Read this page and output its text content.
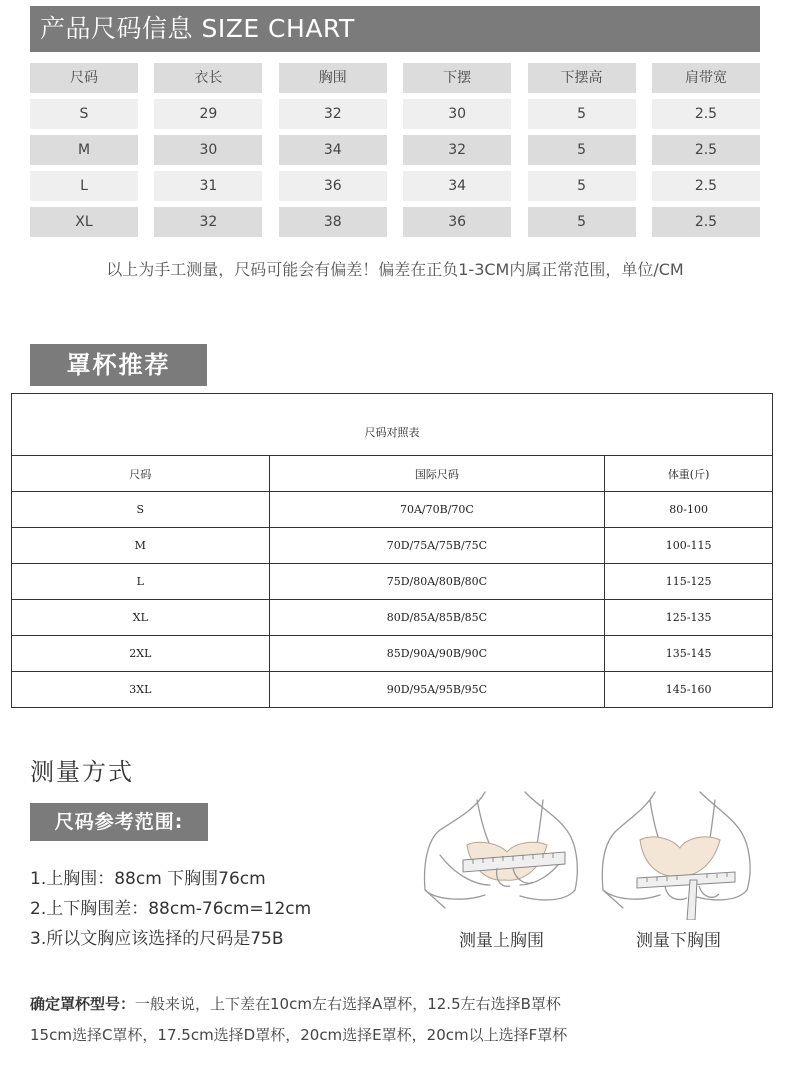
产品尺码信息 SIZE CHART
尺码	衣长	胸围	下摆	下摆高	肩带宽
S	29	32	30	5	2.5
M	30	34	32	5	2.5
L	31	36	34	5	2.5
XL	32	38	36	5	2.5
以上为手工测量，尺码可能会有偏差！偏差在正负1-3CM内属正常范围，单位/CM
罩杯推荐
尺码对照表		
尺码	国际尺码	体重(斤)
S	70A/70B/70C	80-100
M	70D/75A/75B/75C	100-115
L	75D/80A/80B/80C	115-125
XL	80D/85A/85B/85C	125-135
2XL	85D/90A/90B/90C	135-145
3XL	90D/95A/95B/95C	145-160
测量方式
尺码参考范围:
1.上胸围：88cm 下胸围76cm
2.上下胸围差：88cm-76cm=12cm
3.所以文胸应该选择的尺码是75B	测量上胸围	测量下胸围
确定罩杯型号：一般来说，上下差在10cm左右选择A罩杯，12.5左右选择B罩杯
15cm选择C罩杯，17.5cm选择D罩杯，20cm选择E罩杯，20cm以上选择F罩杯
